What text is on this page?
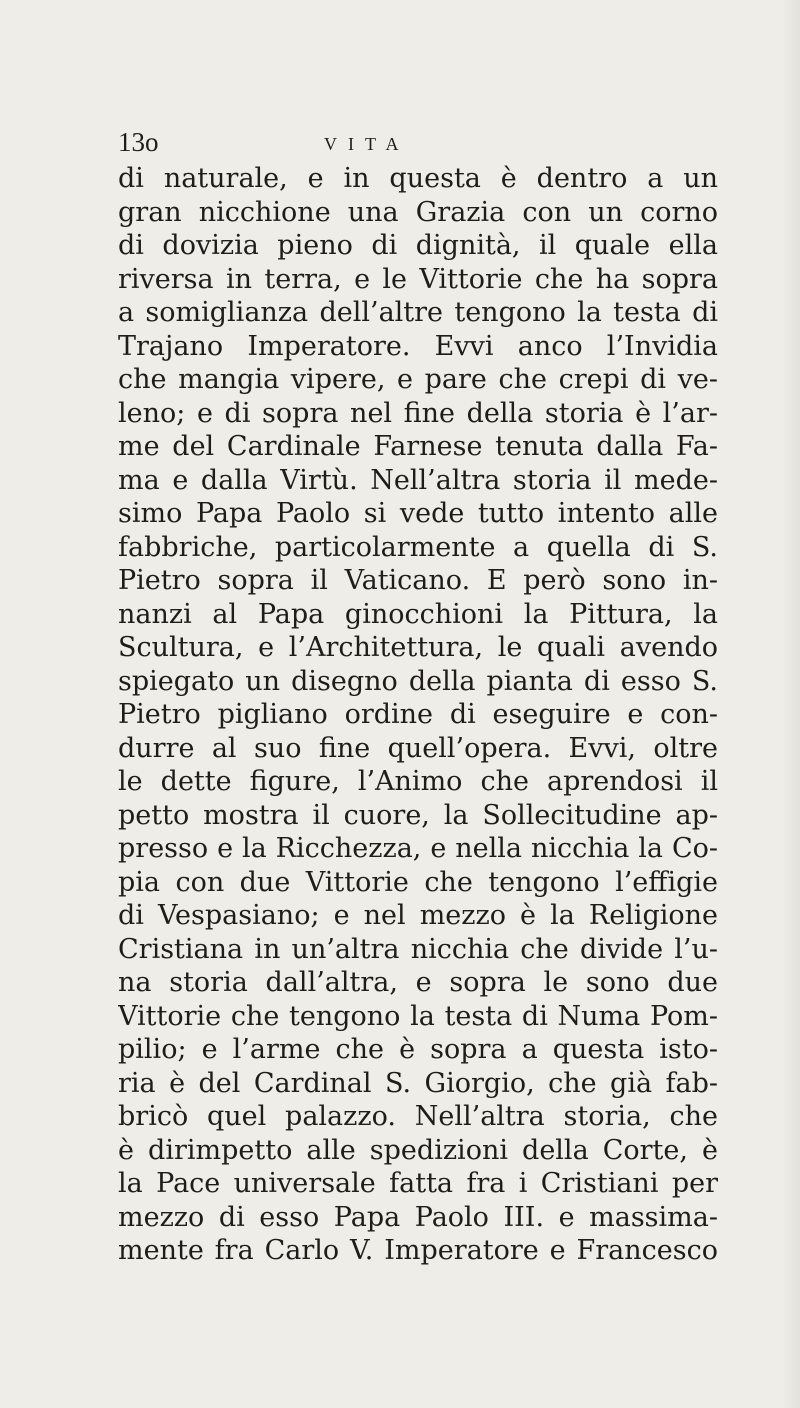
13o	VITA
di naturale, e in questa è dentro a un
gran nicchione una Grazia con un corno
di dovizia pieno di dignità, il quale ella
riversa in terra, e le Vittorie che ha sopra
a somiglianza dell’altre tengono la testa di
Trajano Imperatore. Evvi anco l’Invidia
che mangia vipere, e pare che crepi di ve-
leno; e di sopra nel fine della storia è l’ar-
me del Cardinale Farnese tenuta dalla Fa-
ma e dalla Virtù. Nell’altra storia il mede-
simo Papa Paolo si vede tutto intento alle
fabbriche, particolarmente a quella di S.
Pietro sopra il Vaticano. E però sono in-
nanzi al Papa ginocchioni la Pittura, la
Scultura, e l’Architettura, le quali avendo
spiegato un disegno della pianta di esso S.
Pietro pigliano ordine di eseguire e con-
durre al suo fine quell’opera. Evvi, oltre
le dette figure, l’Animo che aprendosi il
petto mostra il cuore, la Sollecitudine ap-
presso e la Ricchezza, e nella nicchia la Co-
pia con due Vittorie che tengono l’effigie
di Vespasiano; e nel mezzo è la Religione
Cristiana in un’altra nicchia che divide l’u-
na storia dall’altra, e sopra le sono due
Vittorie che tengono la testa di Numa Pom-
pilio; e l’arme che è sopra a questa isto-
ria è del Cardinal S. Giorgio, che già fab-
bricò quel palazzo. Nell’altra storia, che
è dirimpetto alle spedizioni della Corte, è
la Pace universale fatta fra i Cristiani per
mezzo di esso Papa Paolo III. e massima-
mente fra Carlo V. Imperatore e Francesco
